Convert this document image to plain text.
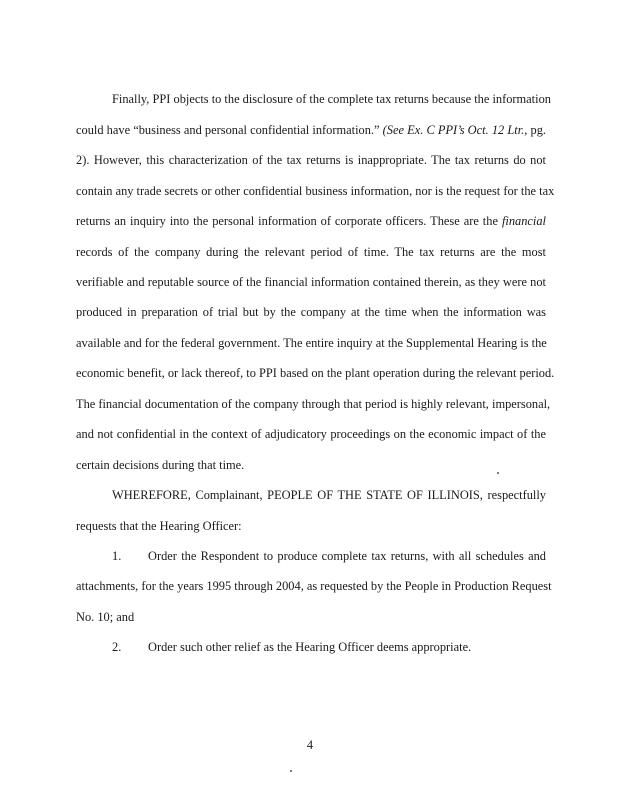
Finally, PPI objects to the disclosure of the complete tax returns because the information
could have “business and personal confidential information.” (See Ex. C PPI’s Oct. 12 Ltr., pg.
2). However, this characterization of the tax returns is inappropriate. The tax returns do not
contain any trade secrets or other confidential business information, nor is the request for the tax
returns an inquiry into the personal information of corporate officers. These are the financial
records of the company during the relevant period of time. The tax returns are the most
verifiable and reputable source of the financial information contained therein, as they were not
produced in preparation of trial but by the company at the time when the information was
available and for the federal government. The entire inquiry at the Supplemental Hearing is the
economic benefit, or lack thereof, to PPI based on the plant operation during the relevant period.
The financial documentation of the company through that period is highly relevant, impersonal,
and not confidential in the context of adjudicatory proceedings on the economic impact of the
certain decisions during that time.
WHEREFORE, Complainant, PEOPLE OF THE STATE OF ILLINOIS, respectfully
requests that the Hearing Officer:
1. Order the Respondent to produce complete tax returns, with all schedules and
attachments, for the years 1995 through 2004, as requested by the People in Production Request
No. 10; and
2. Order such other relief as the Hearing Officer deems appropriate.
4
